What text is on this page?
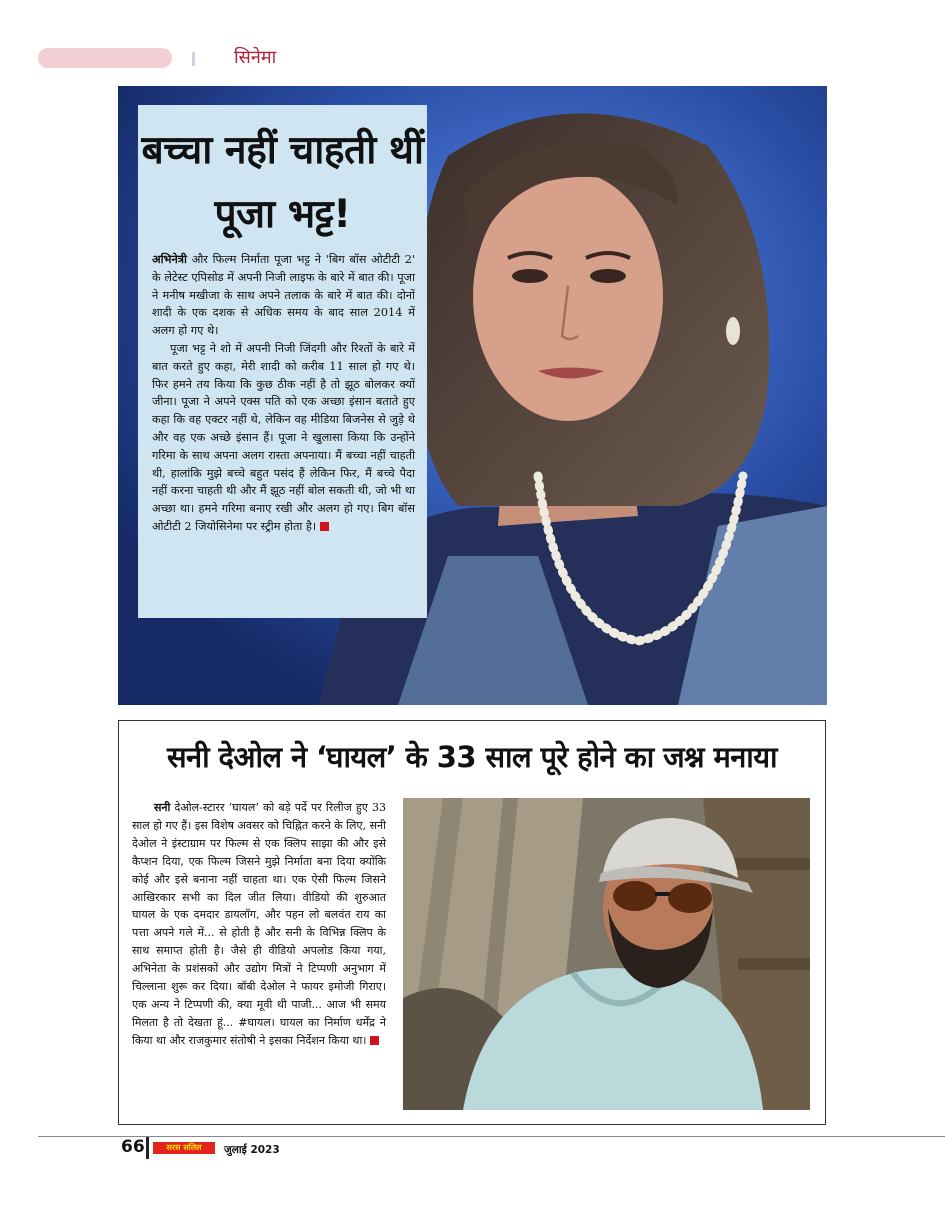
सिनेमा
बच्चा नहीं चाहती थीं पूजा भट्ट!

अभिनेत्री और फिल्म निर्माता पूजा भट्ट ने 'बिग बॉस ओटीटी 2' के लेटेस्ट एपिसोड में अपनी निजी लाइफ के बारे में बात की। पूजा ने मनीष मखीजा के साथ अपने तलाक के बारे में बात की। दोनों शादी के एक दशक से अधिक समय के बाद साल 2014 में अलग हो गए थे।

पूजा भट्ट ने शो में अपनी निजी जिंदगी और रिश्तों के बारे में बात करते हुए कहा, मेरी शादी को करीब 11 साल हो गए थे। फिर हमने तय किया कि कुछ ठीक नहीं है तो झूठ बोलकर क्यों जीना। पूजा ने अपने एक्स पति को एक अच्छा इंसान बताते हुए कहा कि वह एक्टर नहीं थे, लेकिन वह मीडिया बिजनेस से जुड़े थे और वह एक अच्छे इंसान हैं। पूजा ने खुलासा किया कि उन्होंने गरिमा के साथ अपना अलग रास्ता अपनाया। मैं बच्चा नहीं चाहती थी, हालांकि मुझे बच्चे बहुत पसंद हैं लेकिन फिर, मैं बच्चे पैदा नहीं करना चाहती थी और मैं झूठ नहीं बोल सकती थी, जो भी था अच्छा था। हमने गरिमा बनाए रखी और अलग हो गए। बिग बॉस ओटीटी 2 जियोसिनेमा पर स्ट्रीम होता है।

सनी देओल ने ‘घायल’ के 33 साल पूरे होने का जश्न मनाया

सनी देओल-स्टारर ‘घायल’ को बड़े पर्दे पर रिलीज हुए 33 साल हो गए हैं। इस विशेष अवसर को चिह्नित करने के लिए, सनी देओल ने इंस्टाग्राम पर फिल्म से एक क्लिप साझा की और इसे कैप्शन दिया, एक फिल्म जिसने मुझे निर्माता बना दिया क्योंकि कोई और इसे बनाना नहीं चाहता था। एक ऐसी फिल्म जिसने आखिरकार सभी का दिल जीत लिया। वीडियो की शुरुआत घायल के एक दमदार डायलॉग, और पहन लो बलवंत राय का पत्ता अपने गले में... से होती है और सनी के विभिन्न क्लिप के साथ समाप्त होती है। जैसे ही वीडियो अपलोड किया गया, अभिनेता के प्रशंसकों और उद्योग मित्रों ने टिप्पणी अनुभाग में चिल्लाना शुरू कर दिया। बॉबी देओल ने फायर इमोजी गिराए। एक अन्य ने टिप्पणी की, क्या मूवी थी पाजी... आज भी समय मिलता है तो देखता हूं... #घायल। घायल का निर्माण धर्मेंद्र ने किया था और राजकुमार संतोषी ने इसका निर्देशन किया था।

66	सरस सलिल	जुलाई 2023
